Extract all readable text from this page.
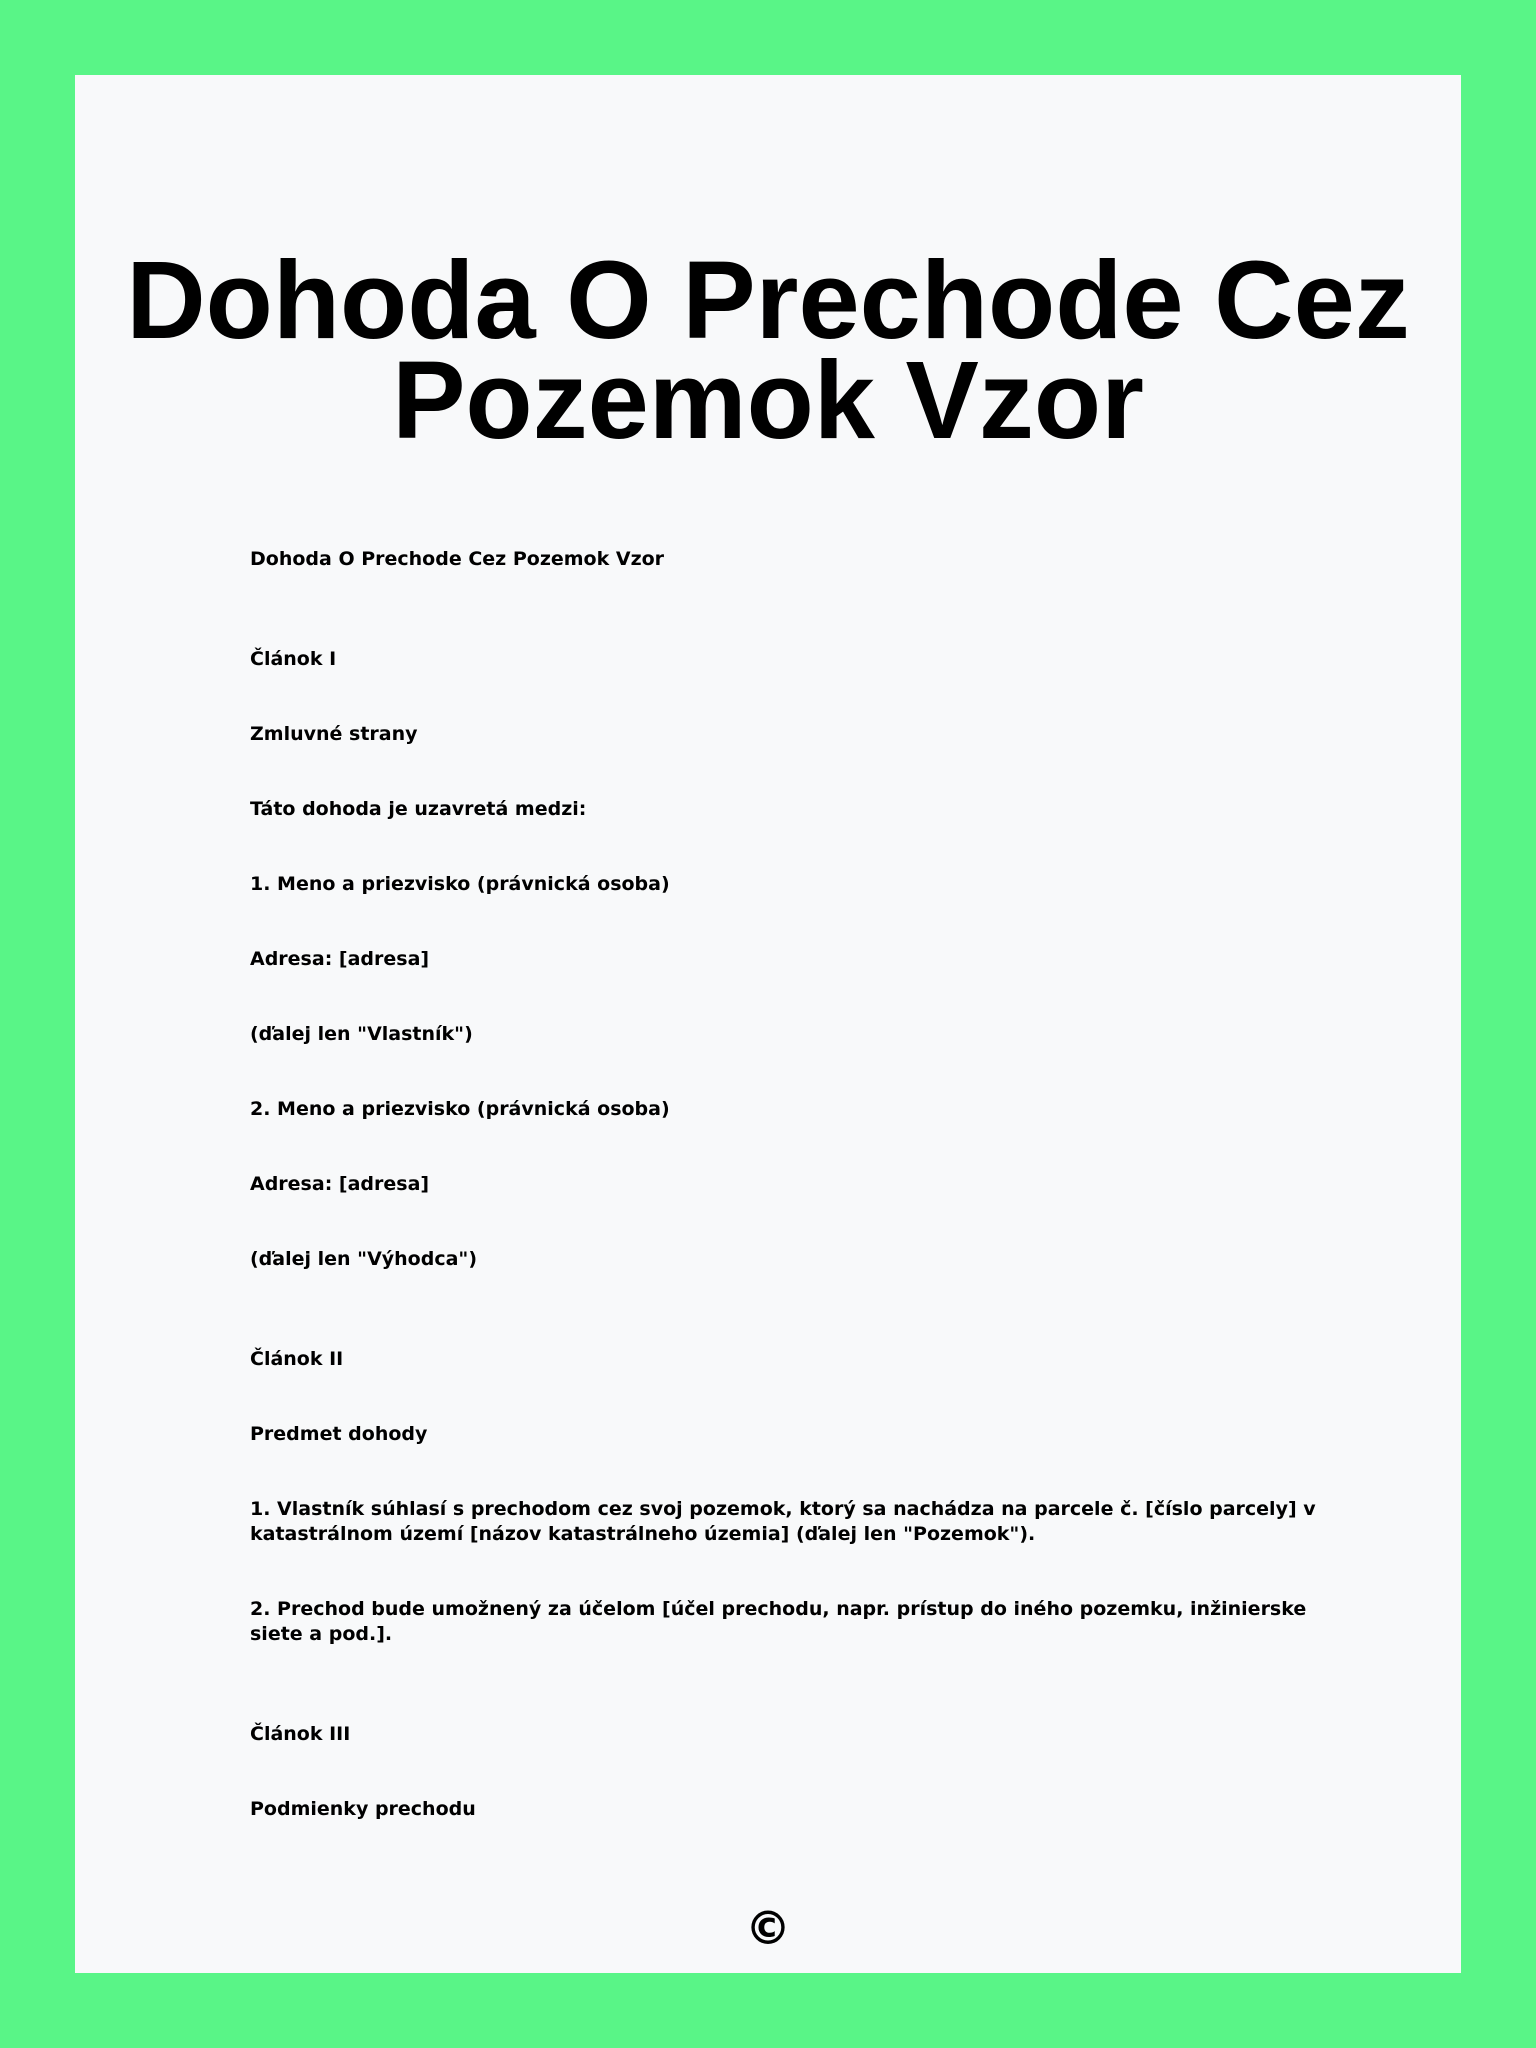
Dohoda O Prechode Cez Pozemok Vzor
Dohoda O Prechode Cez Pozemok Vzor
Článok I
Zmluvné strany
Táto dohoda je uzavretá medzi:
1. Meno a priezvisko (právnická osoba)
Adresa: [adresa]
(ďalej len "Vlastník")
2. Meno a priezvisko (právnická osoba)
Adresa: [adresa]
(ďalej len "Výhodca")
Článok II
Predmet dohody
1. Vlastník súhlasí s prechodom cez svoj pozemok, ktorý sa nachádza na parcele č. [číslo parcely] v katastrálnom území [názov katastrálneho územia] (ďalej len "Pozemok").
2. Prechod bude umožnený za účelom [účel prechodu, napr. prístup do iného pozemku, inžinierske siete a pod.].
Článok III
Podmienky prechodu
©
